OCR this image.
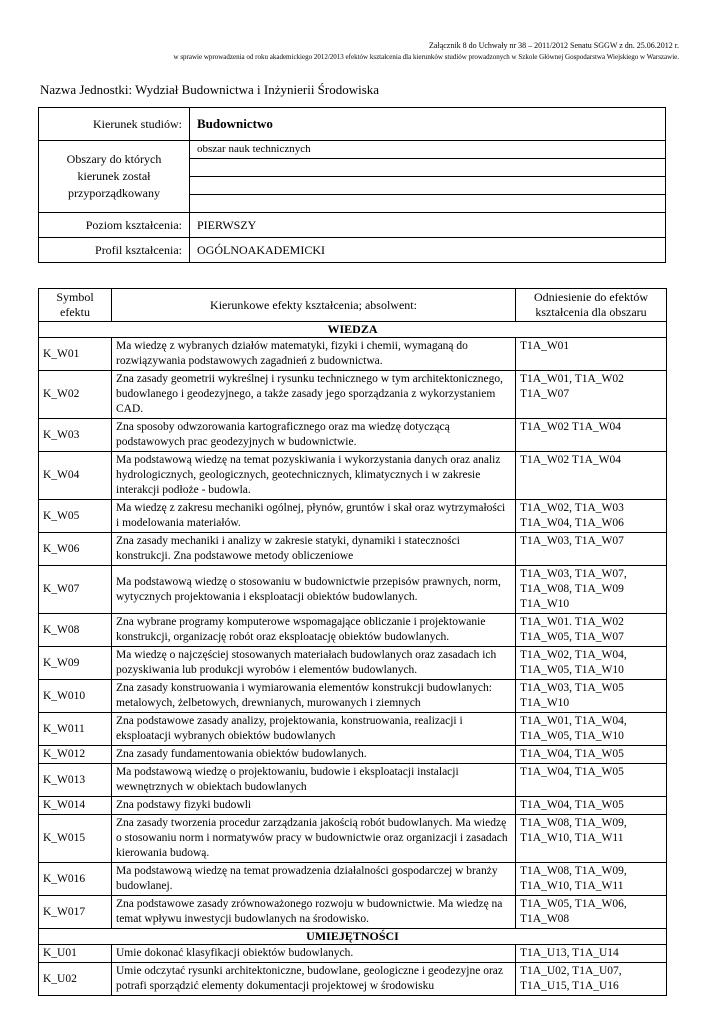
Załącznik 8 do Uchwały nr 38 – 2011/2012 Senatu SGGW z dn. 25.06.2012 r.
w sprawie wprowadzenia od roku akademickiego 2012/2013 efektów kształcenia dla kierunków studiów prowadzonych w Szkole Głównej Gospodarstwa Wiejskiego w Warszawie.
Nazwa Jednostki: Wydział Budownictwa i Inżynierii Środowiska
Kierunek studiów:	Budownictwo

Obszary do których
kierunek został
przyporządkowany	obszar nauk technicznych

Poziom kształcenia:	PIERWSZY
Profil kształcenia:	OGÓLNOAKADEMICKI
Symbol efektu	Kierunkowe efekty kształcenia; absolwent:	Odniesienie do efektów kształcenia dla obszaru
WIEDZA		
K_W01	Ma wiedzę z wybranych działów matematyki, fizyki i chemii, wymaganą do rozwiązywania podstawowych zagadnień z budownictwa.	T1A_W01
K_W02	Zna zasady geometrii wykreślnej i rysunku technicznego w tym architektonicznego, budowlanego i geodezyjnego, a także zasady jego sporządzania z wykorzystaniem CAD.	T1A_W01, T1A_W02 T1A_W07
K_W03	Zna sposoby odwzorowania kartograficznego oraz ma wiedzę dotyczącą podstawowych prac geodezyjnych w budownictwie.	T1A_W02 T1A_W04
K_W04	Ma podstawową wiedzę na temat pozyskiwania i wykorzystania danych oraz analiz hydrologicznych, geologicznych, geotechnicznych, klimatycznych i w zakresie interakcji podłoże - budowla.	T1A_W02 T1A_W04
K_W05	Ma wiedzę z zakresu mechaniki ogólnej, płynów, gruntów i skał oraz wytrzymałości i modelowania materiałów.	T1A_W02, T1A_W03 T1A_W04, T1A_W06
K_W06	Zna zasady mechaniki i analizy w zakresie statyki, dynamiki i stateczności konstrukcji. Zna podstawowe metody obliczeniowe	T1A_W03, T1A_W07
K_W07	Ma podstawową wiedzę o stosowaniu w budownictwie przepisów prawnych, norm, wytycznych projektowania i eksploatacji obiektów budowlanych.	T1A_W03, T1A_W07, T1A_W08, T1A_W09 T1A_W10
K_W08	Zna wybrane programy komputerowe wspomagające obliczanie i projektowanie konstrukcji, organizację robót oraz eksploatację obiektów budowlanych.	T1A_W01. T1A_W02 T1A_W05, T1A_W07
K_W09	Ma wiedzę o najczęściej stosowanych materiałach budowlanych oraz zasadach ich pozyskiwania lub produkcji wyrobów i elementów budowlanych.	T1A_W02, T1A_W04, T1A_W05, T1A_W10
K_W010	Zna zasady konstruowania i wymiarowania elementów konstrukcji budowlanych: metalowych, żelbetowych, drewnianych, murowanych i ziemnych	T1A_W03, T1A_W05 T1A_W10
K_W011	Zna podstawowe zasady analizy, projektowania, konstruowania, realizacji i eksploatacji wybranych obiektów budowlanych	T1A_W01, T1A_W04, T1A_W05, T1A_W10
K_W012	Zna zasady fundamentowania obiektów budowlanych.	T1A_W04, T1A_W05
K_W013	Ma podstawową wiedzę o projektowaniu, budowie i eksploatacji instalacji wewnętrznych w obiektach budowlanych	T1A_W04, T1A_W05
K_W014	Zna podstawy fizyki budowli	T1A_W04, T1A_W05
K_W015	Zna zasady tworzenia procedur zarządzania jakością robót budowlanych. Ma wiedzę o stosowaniu norm i normatywów pracy w budownictwie oraz organizacji i zasadach kierowania budową.	T1A_W08, T1A_W09, T1A_W10, T1A_W11
K_W016	Ma podstawową wiedzę na temat prowadzenia działalności gospodarczej w branży budowlanej.	T1A_W08, T1A_W09, T1A_W10, T1A_W11
K_W017	Zna podstawowe zasady zrównoważonego rozwoju w budownictwie. Ma wiedzę na temat wpływu inwestycji budowlanych na środowisko.	T1A_W05, T1A_W06, T1A_W08
UMIEJĘTNOŚCI		
K_U01	Umie dokonać klasyfikacji obiektów budowlanych.	T1A_U13, T1A_U14
K_U02	Umie odczytać rysunki architektoniczne, budowlane, geologiczne i geodezyjne oraz potrafi sporządzić elementy dokumentacji projektowej w środowisku	T1A_U02, T1A_U07, T1A_U15, T1A_U16
